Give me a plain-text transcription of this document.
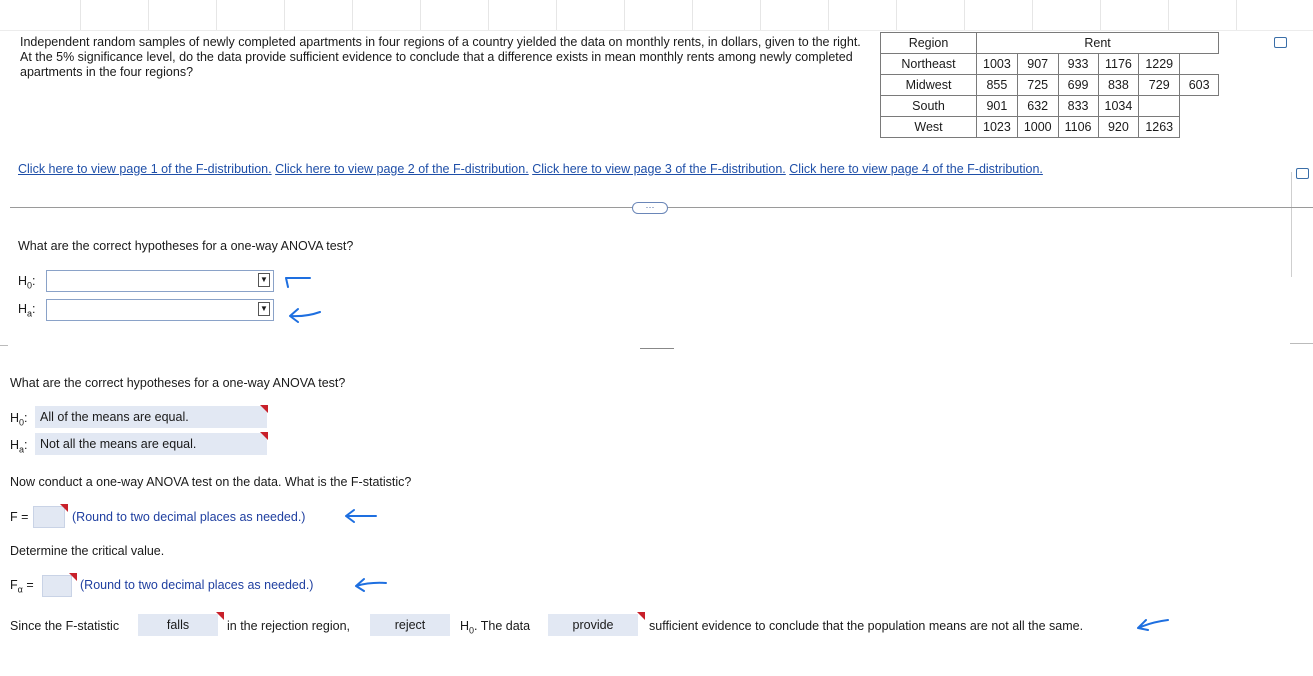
Independent random samples of newly completed apartments in four regions of a country yielded the data on monthly rents, in dollars, given to the right. At the 5% significance level, do the data provide sufficient evidence to conclude that a difference exists in mean monthly rents among newly completed apartments in the four regions?
Region	Rent					
Northeast	1003	907	933	1176	1229	
Midwest	855	725	699	838	729	603
South	901	632	833	1034		
West	1023	1000	1106	920	1263	
Click here to view page 1 of the F-distribution. Click here to view page 2 of the F-distribution. Click here to view page 3 of the F-distribution. Click here to view page 4 of the F-distribution.
···
What are the correct hypotheses for a one-way ANOVA test?
$H_0$:	▼
$H_a$:	▼
What are the correct hypotheses for a one-way ANOVA test?
$H_0$: All of the means are equal.
$H_a$: Not all the means are equal.
Now conduct a one-way ANOVA test on the data. What is the F-statistic?
F =	(Round to two decimal places as needed.)
Determine the critical value.
$F_\alpha$ =	(Round to two decimal places as needed.)
Since the F-statistic	falls	in the rejection region,	reject	$H_0$. The data	provide	sufficient evidence to conclude that the population means are not all the same.
